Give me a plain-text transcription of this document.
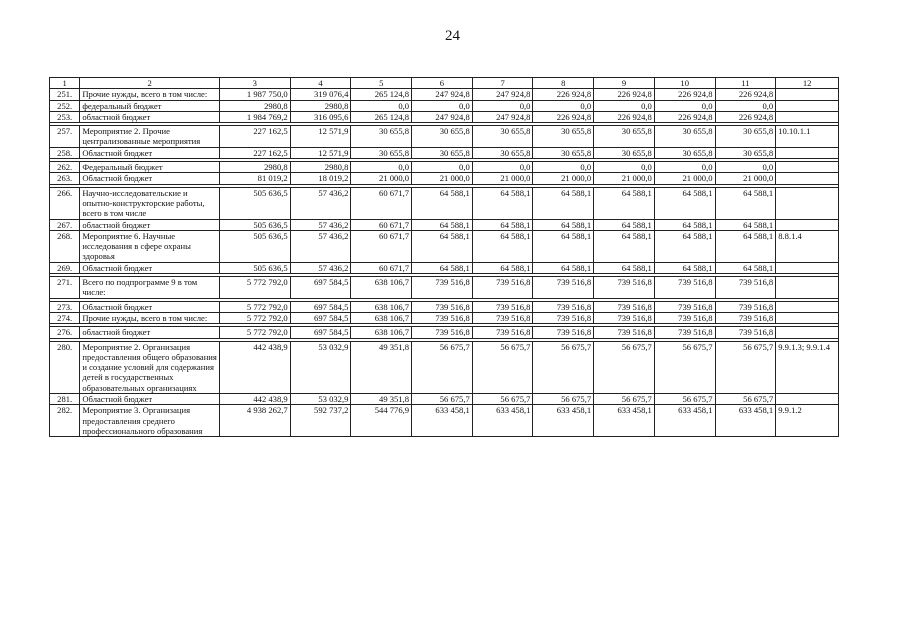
24
1	2	3	4	5	6	7	8	9	10	11	12
251.	Прочие нужды, всего в том числе:	1 987 750,0	319 076,4	265 124,8	247 924,8	247 924,8	226 924,8	226 924,8	226 924,8	226 924,8	
252.	федеральный бюджет	2980,8	2980,8	0,0	0,0	0,0	0,0	0,0	0,0	0,0	
253.	областной бюджет	1 984 769,2	316 095,6	265 124,8	247 924,8	247 924,8	226 924,8	226 924,8	226 924,8	226 924,8	

257.	Мероприятие 2. Прочие централизованные мероприятия	227 162,5	12 571,9	30 655,8	30 655,8	30 655,8	30 655,8	30 655,8	30 655,8	30 655,8	10.10.1.1
258.	Областной бюджет	227 162,5	12 571,9	30 655,8	30 655,8	30 655,8	30 655,8	30 655,8	30 655,8	30 655,8	

262.	Федеральный бюджет	2980,8	2980,8	0,0	0,0	0,0	0,0	0,0	0,0	0,0	
263.	Областной бюджет	81 019,2	18 019,2	21 000,0	21 000,0	21 000,0	21 000,0	21 000,0	21 000,0	21 000,0	

266.	Научно-исследовательские и опытно-конструкторские работы, всего в том числе	505 636,5	57 436,2	60 671,7	64 588,1	64 588,1	64 588,1	64 588,1	64 588,1	64 588,1	
267.	областной бюджет	505 636,5	57 436,2	60 671,7	64 588,1	64 588,1	64 588,1	64 588,1	64 588,1	64 588,1	
268.	Мероприятие 6. Научные исследования в сфере охраны здоровья	505 636,5	57 436,2	60 671,7	64 588,1	64 588,1	64 588,1	64 588,1	64 588,1	64 588,1	8.8.1.4
269.	Областной бюджет	505 636,5	57 436,2	60 671,7	64 588,1	64 588,1	64 588,1	64 588,1	64 588,1	64 588,1	

271.	Всего по подпрограмме 9 в том числе:	5 772 792,0	697 584,5	638 106,7	739 516,8	739 516,8	739 516,8	739 516,8	739 516,8	739 516,8	

273.	Областной бюджет	5 772 792,0	697 584,5	638 106,7	739 516,8	739 516,8	739 516,8	739 516,8	739 516,8	739 516,8	
274.	Прочие нужды, всего в том числе:	5 772 792,0	697 584,5	638 106,7	739 516,8	739 516,8	739 516,8	739 516,8	739 516,8	739 516,8	

276.	областной бюджет	5 772 792,0	697 584,5	638 106,7	739 516,8	739 516,8	739 516,8	739 516,8	739 516,8	739 516,8	

280.	Мероприятие 2. Организация предоставления общего образования и создание условий для содержания детей в государственных образовательных организациях	442 438,9	53 032,9	49 351,8	56 675,7	56 675,7	56 675,7	56 675,7	56 675,7	56 675,7	9.9.1.3; 9.9.1.4
281.	Областной бюджет	442 438,9	53 032,9	49 351,8	56 675,7	56 675,7	56 675,7	56 675,7	56 675,7	56 675,7	
282.	Мероприятие 3. Организация предоставления среднего профессионального образования	4 938 262,7	592 737,2	544 776,9	633 458,1	633 458,1	633 458,1	633 458,1	633 458,1	633 458,1	9.9.1.2
